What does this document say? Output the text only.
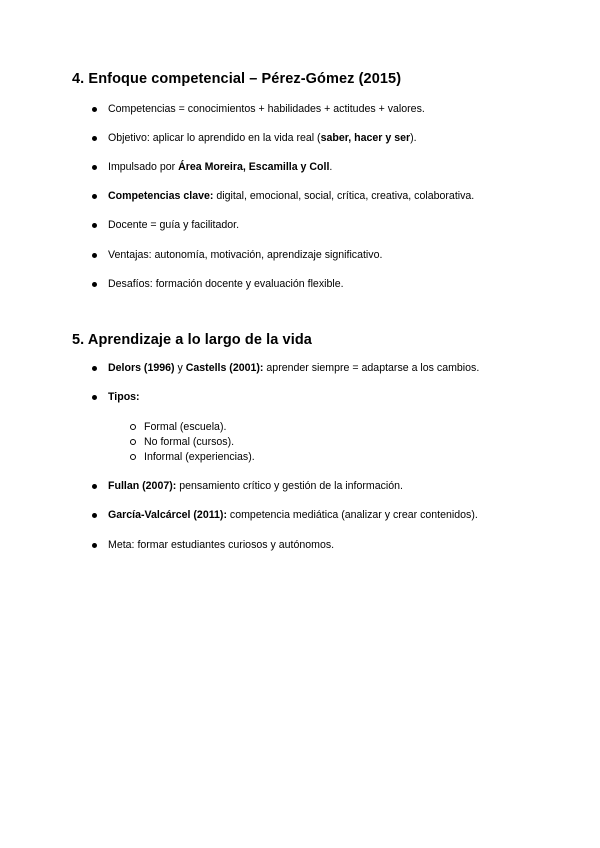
4. Enfoque competencial – Pérez-Gómez (2015)
Competencias = conocimientos + habilidades + actitudes + valores.
Objetivo: aplicar lo aprendido en la vida real (saber, hacer y ser).
Impulsado por Área Moreira, Escamilla y Coll.
Competencias clave: digital, emocional, social, crítica, creativa, colaborativa.
Docente = guía y facilitador.
Ventajas: autonomía, motivación, aprendizaje significativo.
Desafíos: formación docente y evaluación flexible.
5. Aprendizaje a lo largo de la vida
Delors (1996) y Castells (2001): aprender siempre = adaptarse a los cambios.
Tipos:
Fullan (2007): pensamiento crítico y gestión de la información.
García-Valcárcel (2011): competencia mediática (analizar y crear contenidos).
Meta: formar estudiantes curiosos y autónomos.
Formal (escuela).
No formal (cursos).
Informal (experiencias).
